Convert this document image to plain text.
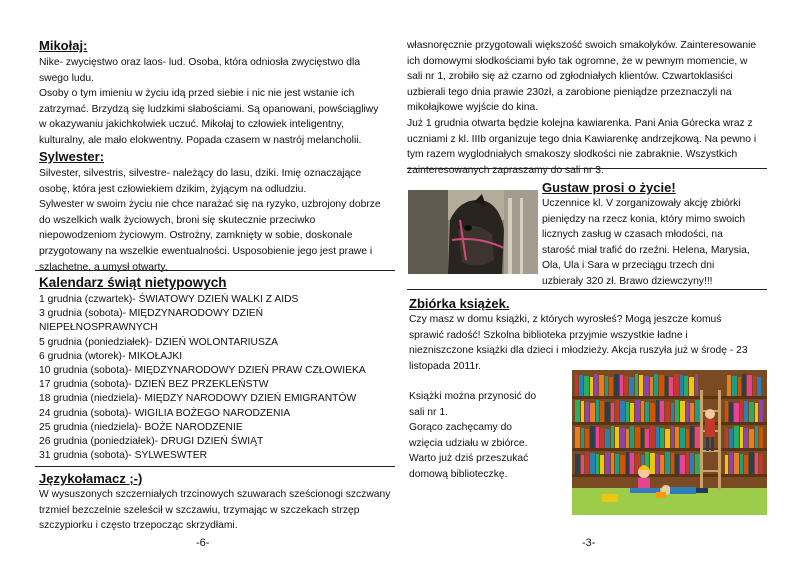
Mikołaj:

Nike- zwycięstwo oraz laos- lud. Osoba, która odniosła zwycięstwo dla
swego ludu.
Osoby o tym imieniu w życiu idą przed siebie i nic nie jest wstanie ich
zatrzymać. Brzydzą się ludzkimi słabościami. Są opanowani, powściągliwy
w okazywaniu jakichkolwiek uczuć. Mikołaj to człowiek inteligentny,
kulturalny, ale mało elokwentny. Popada czasem w nastrój melancholii.

Sylwester:

Silvester, silvestris, silvestre- należący do lasu, dziki. Imię oznaczające
osobę, która jest człowiekiem dzikim, żyjącym na odludziu.
Sylwester w swoim życiu nie chce narażać się na ryzyko, uzbrojony dobrze
do wszelkich walk życiowych, broni się skutecznie przeciwko
niepowodzeniom życiowym. Ostrożny, zamknięty w sobie, doskonale
przygotowany na wszelkie ewentualności. Usposobienie jego jest prawe i
szlachetne, a umysł otwarty.

Kalendarz świąt nietypowych

1 grudnia (czwartek)- ŚWIATOWY DZIEŃ WALKI Z AIDS
3 grudnia (sobota)- MIĘDZYNARODOWY DZIEŃ
NIEPEŁNOSPRAWNYCH
5 grudnia (poniedziałek)- DZIEŃ WOLONTARIUSZA
6 grudnia (wtorek)- MIKOŁAJKI
10 grudnia (sobota)- MIĘDZYNARODOWY DZIEŃ PRAW CZŁOWIEKA
17 grudnia (sobota)- DZIEŃ BEZ PRZEKLEŃSTW
18 grudnia (niedziela)- MIĘDZY NARODOWY DZIEŃ EMIGRANTÓW
24 grudnia (sobota)- WIGILIA BOŻEGO NARODZENIA
25 grudnia (niedziela)- BOŻE NARODZENIE
26 grudnia (poniedziałek)- DRUGI DZIEŃ ŚWIĄT
31 grudnia (sobota)- SYLWESWTER

Językołamacz ;-)

W wysuszonych szczerniałych trzcinowych szuwarach sześcionogi szczwany
trzmiel bezczelnie szeleścił w szczawiu, trzymając w szczekach strzęp
szczypiorku i często trzepocząc skrzydłami.
-6-
własnoręcznie przygotowali większość swoich smakołyków. Zainteresowanie
ich domowymi słodkościami było tak ogromne, że w pewnym momencie, w
sali nr 1, zrobiło się aż czarno od zgłodniałych klientów. Czwartoklasiści
uzbierali tego dnia prawie 230zł, a zarobione pieniądze przeznaczyli na
mikołajkowe wyjście do kina.
Już 1 grudnia otwarta będzie kolejna kawiarenka. Pani Ania Górecka wraz z
uczniami z kl. IIIb organizuje tego dnia Kawiarenkę andrzejkową. Na pewno i
tym razem wyglodniałych smakoszy słodkości nie zabraknie. Wszystkich
zainteresowanych zapraszamy do sali nr 3.

Gustaw prosi o życie!

Uczennice kl. V zorganizowały akcję zbiórki
pieniędzy na rzecz konia, który mimo swoich
licznych zasług w czasach młodości, na
starość miał trafić do rzeźni. Helena, Marysia,
Ola, Ula i Sara w przeciągu trzech dni
uzbierały 320 zł. Brawo dziewczyny!!!

Zbiórka książek.

Czy masz w domu książki, z których wyrosłeś? Mogą jeszcze komuś
sprawić radość! Szkolna biblioteka przyjmie wszystkie ładne i
niezniszczone książki dla dzieci i młodzieży. Akcja ruszyła już w środę - 23
listopada 2011r.
Książki można przynosić do
sali nr 1.
Gorąco zachęcamy do
wzięcia udziału w zbiórce.
Warto już dziś przeszukać
domową biblioteczkę.
-3-
